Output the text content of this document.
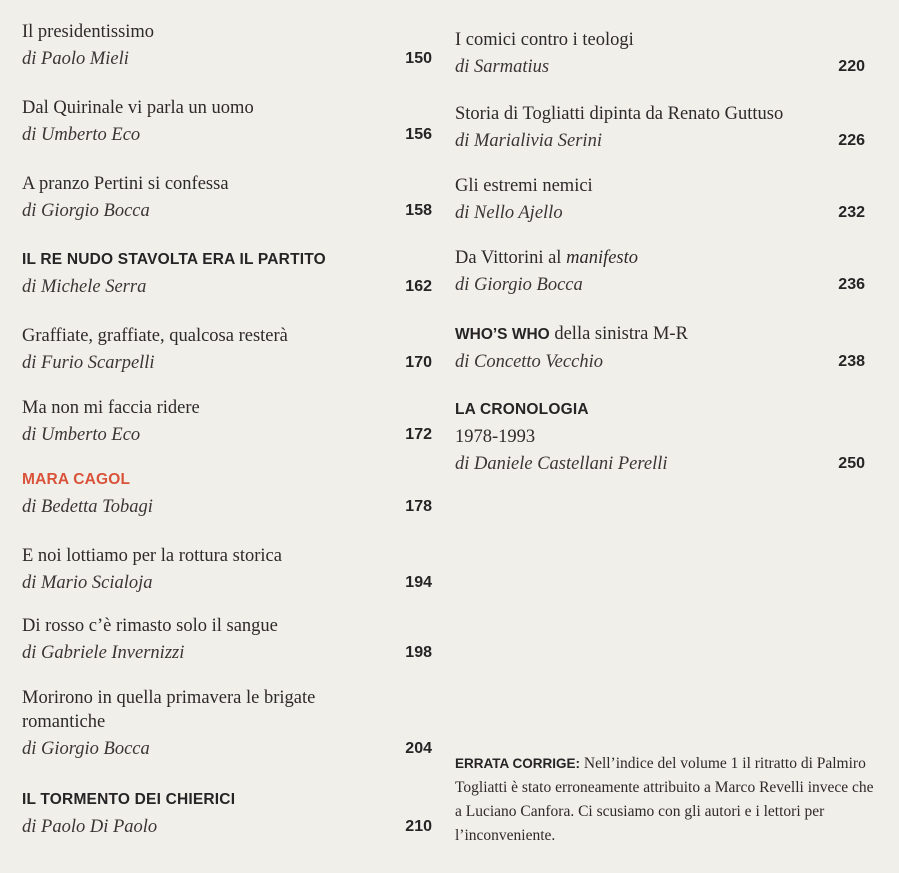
Il presidentissimo
di Paolo Mieli	150
Dal Quirinale vi parla un uomo
di Umberto Eco	156
A pranzo Pertini si confessa
di Giorgio Bocca	158
IL RE NUDO STAVOLTA ERA IL PARTITO
di Michele Serra	162
Graffiate, graffiate, qualcosa resterà
di Furio Scarpelli	170
Ma non mi faccia ridere
di Umberto Eco	172
MARA CAGOL
di Bedetta Tobagi	178
E noi lottiamo per la rottura storica
di Mario Scialoja	194
Di rosso c’è rimasto solo il sangue
di Gabriele Invernizzi	198
Morirono in quella primavera le brigate romantiche
di Giorgio Bocca	204
IL TORMENTO DEI CHIERICI
di Paolo Di Paolo	210
I comici contro i teologi
di Sarmatius	220
Storia di Togliatti dipinta da Renato Guttuso
di Marialivia Serini	226
Gli estremi nemici
di Nello Ajello	232
Da Vittorini al manifesto
di Giorgio Bocca	236
WHO’S WHO della sinistra M-R
di Concetto Vecchio	238
LA CRONOLOGIA
1978-1993
di Daniele Castellani Perelli	250
ERRATA CORRIGE: Nell’indice del volume 1 il ritratto di Palmiro Togliatti è stato erroneamente attribuito a Marco Revelli invece che a Luciano Canfora. Ci scusiamo con gli autori e i lettori per l’inconveniente.
